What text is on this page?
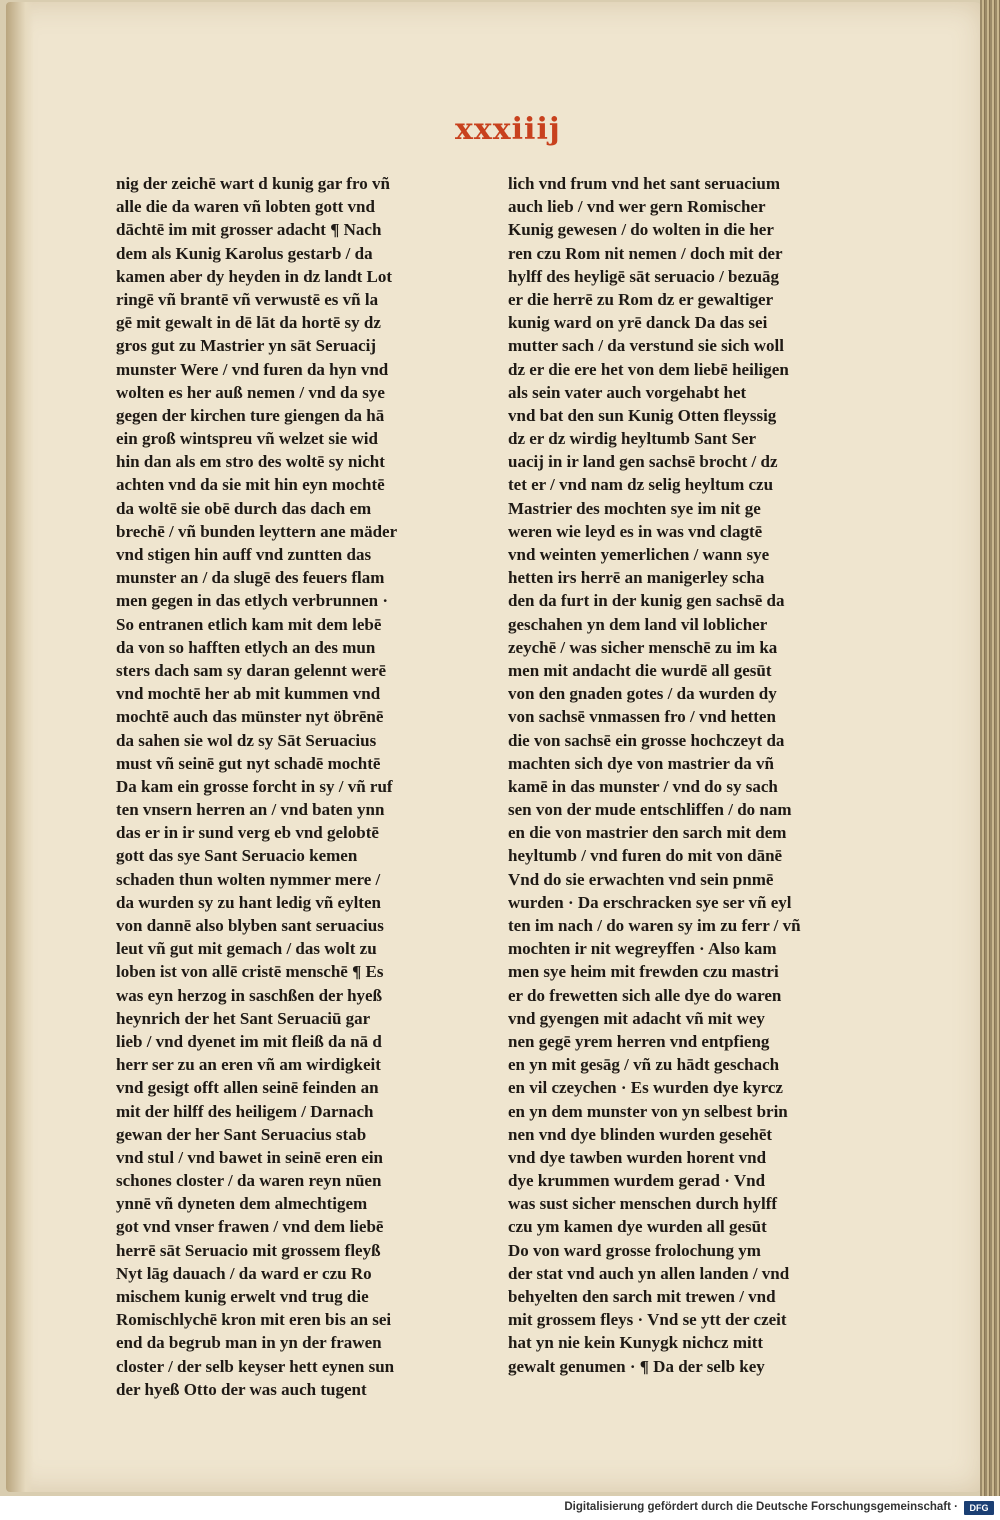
xxxiiij
nig der zeichē wart d kunig gar fro vñ
alle die da waren vñ lobten gott vnd
dāchtē im mit grosser adacht ¶ Nach
dem als Kunig Karolus gestarb / da
kamen aber dy heyden in dz landt Lot
ringē vñ brantē vñ verwustē es vñ la
gē mit gewalt in dē lāt da hortē sy dz
gros gut zu Mastrier yn sāt Seruacij
munster Were / vnd furen da hyn vnd
wolten es her auß nemen / vnd da sye
gegen der kirchen ture giengen da hā
ein groß wintspreu vñ welzet sie wid
hin dan als em stro des woltē sy nicht
achten vnd da sie mit hin eyn mochtē
da woltē sie obē durch das dach em
brechē / vñ bunden leyttern ane mäder
vnd stigen hin auff vnd zuntten das
munster an / da slugē des feuers flam
men gegen in das etlych verbrunnen ·
So entranen etlich kam mit dem lebē
da von so hafften etlych an des mun
sters dach sam sy daran gelennt werē
vnd mochtē her ab mit kummen vnd
mochtē auch das münster nyt öbrēnē
da sahen sie wol dz sy Sāt Seruacius
must vñ seinē gut nyt schadē mochtē
Da kam ein grosse forcht in sy / vñ ruf
ten vnsern herren an / vnd baten ynn
das er in ir sund verg eb vnd gelobtē
gott das sye Sant Seruacio kemen
schaden thun wolten nymmer mere /
da wurden sy zu hant ledig vñ eylten
von dannē also blyben sant seruacius
leut vñ gut mit gemach / das wolt zu
loben ist von allē cristē menschē ¶ Es
was eyn herzog in saschßen der hyeß
heynrich der het Sant Seruaciū gar
lieb / vnd dyenet im mit fleiß da nā d
herr ser zu an eren vñ am wirdigkeit
vnd gesigt offt allen seinē feinden an
mit der hilff des heiligem / Darnach
gewan der her Sant Seruacius stab
vnd stul / vnd bawet in seinē eren ein
schones closter / da waren reyn nūen
ynnē vñ dyneten dem almechtigem
got vnd vnser frawen / vnd dem liebē
herrē sāt Seruacio mit grossem fleyß
Nyt lāg dauach / da ward er czu Ro
mischem kunig erwelt vnd trug die
Romischlychē kron mit eren bis an sei
end da begrub man in yn der frawen
closter / der selb keyser hett eynen sun
der hyeß Otto der was auch tugent
lich vnd frum vnd het sant seruacium
auch lieb / vnd wer gern Romischer
Kunig gewesen / do wolten in die her
ren czu Rom nit nemen / doch mit der
hylff des heyligē sāt seruacio / bezuāg
er die herrē zu Rom dz er gewaltiger
kunig ward on yrē danck Da das sei
mutter sach / da verstund sie sich woll
dz er die ere het von dem liebē heiligen
als sein vater auch vorgehabt het
vnd bat den sun Kunig Otten fleyssig
dz er dz wirdig heyltumb Sant Ser
uacij in ir land gen sachsē brocht / dz
tet er / vnd nam dz selig heyltum czu
Mastrier des mochten sye im nit ge
weren wie leyd es in was vnd clagtē
vnd weinten yemerlichen / wann sye
hetten irs herrē an manigerley scha
den da furt in der kunig gen sachsē da
geschahen yn dem land vil loblicher
zeychē / was sicher menschē zu im ka
men mit andacht die wurdē all gesūt
von den gnaden gotes / da wurden dy
von sachsē vnmassen fro / vnd hetten
die von sachsē ein grosse hochczeyt da
machten sich dye von mastrier da vñ
kamē in das munster / vnd do sy sach
sen von der mude entschliffen / do nam
en die von mastrier den sarch mit dem
heyltumb / vnd furen do mit von dānē
Vnd do sie erwachten vnd sein pnmē
wurden · Da erschracken sye ser vñ eyl
ten im nach / do waren sy im zu ferr / vñ
mochten ir nit wegreyffen · Also kam
men sye heim mit frewden czu mastri
er do frewetten sich alle dye do waren
vnd gyengen mit adacht vñ mit wey
nen gegē yrem herren vnd entpfieng
en yn mit gesāg / vñ zu hādt geschach
en vil czeychen · Es wurden dye kyrcz
en yn dem munster von yn selbest brin
nen vnd dye blinden wurden gesehēt
vnd dye tawben wurden horent vnd
dye krummen wurdem gerad · Vnd
was sust sicher menschen durch hylff
czu ym kamen dye wurden all gesūt
Do von ward grosse frolochung ym
der stat vnd auch yn allen landen / vnd
behyelten den sarch mit trewen / vnd
mit grossem fleys · Vnd se ytt der czeit
hat yn nie kein Kunygk nichcz mitt
gewalt genumen · ¶ Da der selb key
Digitalisierung gefördert durch die Deutsche Forschungsgemeinschaft ·	DFG
